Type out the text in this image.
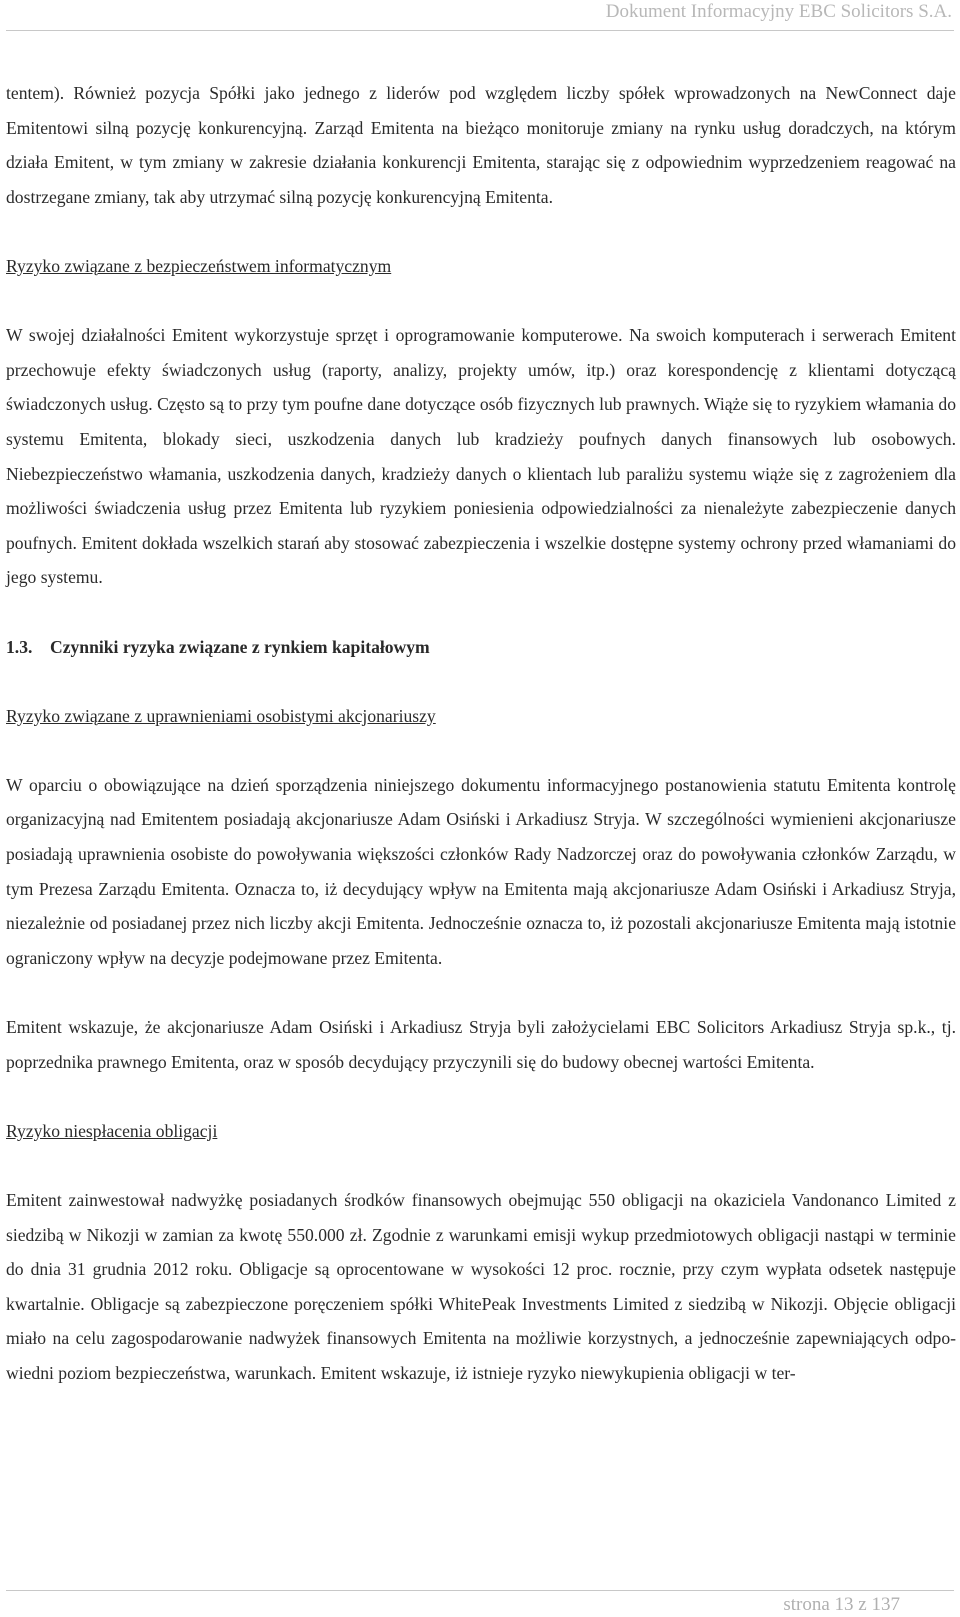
Dokument Informacyjny EBC Solicitors S.A.

tentem). Również pozycja Spółki jako jednego z liderów pod względem liczby spółek wprowadzonych na NewConnect daje Emitentowi silną pozycję konkurencyjną. Zarząd Emitenta na bieżąco monitoruje zmiany na rynku usług doradczych, na którym działa Emitent, w tym zmiany w zakresie działania konkurencji Emitenta, starając się z odpowiednim wyprzedzeniem reagować na dostrzegane zmiany, tak aby utrzymać silną pozycję konkurencyjną Emitenta.

Ryzyko związane z bezpieczeństwem informatycznym

W swojej działalności Emitent wykorzystuje sprzęt i oprogramowanie komputerowe. Na swoich komputerach i serwerach Emitent przechowuje efekty świadczonych usług (raporty, analizy, projekty umów, itp.) oraz korespondencję z klientami dotyczącą świadczonych usług. Często są to przy tym poufne dane dotyczące osób fizycznych lub prawnych. Wiąże się to ryzykiem włamania do systemu Emitenta, blokady sieci, uszkodzenia danych lub kradzieży poufnych danych finansowych lub osobowych. Niebezpieczeństwo włamania, uszkodzenia danych, kradzieży danych o klientach lub paraliżu systemu wiąże się z zagrożeniem dla możliwości świadczenia usług przez Emitenta lub ryzykiem poniesienia odpowiedzialności za nienależyte zabezpieczenie danych poufnych. Emitent dokłada wszelkich starań aby stosować zabezpieczenia i wszelkie dostępne systemy ochrony przed włamaniami do jego systemu.

1.3. Czynniki ryzyka związane z rynkiem kapitałowym
Ryzyko związane z uprawnieniami osobistymi akcjonariuszy

W oparciu o obowiązujące na dzień sporządzenia niniejszego dokumentu informacyjnego postanowienia statutu Emitenta kontrolę organizacyjną nad Emitentem posiadają akcjonariusze Adam Osiński i Arkadiusz Stryja. W szczególności wymienieni akcjonariusze posiadają uprawnienia osobiste do powoływania większości członków Rady Nadzorczej oraz do powoływania członków Zarządu, w tym Prezesa Zarządu Emitenta. Oznacza to, iż decydujący wpływ na Emitenta mają akcjonariusze Adam Osiński i Arkadiusz Stryja, niezależnie od posiadanej przez nich liczby akcji Emitenta. Jednocześnie oznacza to, iż pozostali akcjonariusze Emitenta mają istotnie ograniczony wpływ na decyzje podejmowane przez Emitenta.

Emitent wskazuje, że akcjonariusze Adam Osiński i Arkadiusz Stryja byli założycielami EBC Solicitors Arkadiusz Stryja sp.k., tj. poprzednika prawnego Emitenta, oraz w sposób decydujący przyczynili się do budowy obecnej wartości Emitenta.

Ryzyko niespłacenia obligacji

Emitent zainwestował nadwyżkę posiadanych środków finansowych obejmując 550 obligacji na okaziciela Vandonanco Limited z siedzibą w Nikozji w zamian za kwotę 550.000 zł. Zgodnie z warunkami emisji wykup przedmiotowych obligacji nastąpi w terminie do dnia 31 grudnia 2012 roku. Obligacje są oprocentowane w wysokości 12 proc. rocznie, przy czym wypłata odsetek następuje kwartalnie. Obligacje są zabezpieczone poręczeniem spółki WhitePeak Investments Limited z siedzibą w Nikozji. Objęcie obligacji miało na celu zagospodarowanie nadwyżek finansowych Emitenta na możliwie korzystnych, a jednocześnie zapewniających odpowiedni poziom bezpieczeństwa, warunkach. Emitent wskazuje, iż istnieje ryzyko niewykupienia obligacji w ter-

strona 13 z 137
